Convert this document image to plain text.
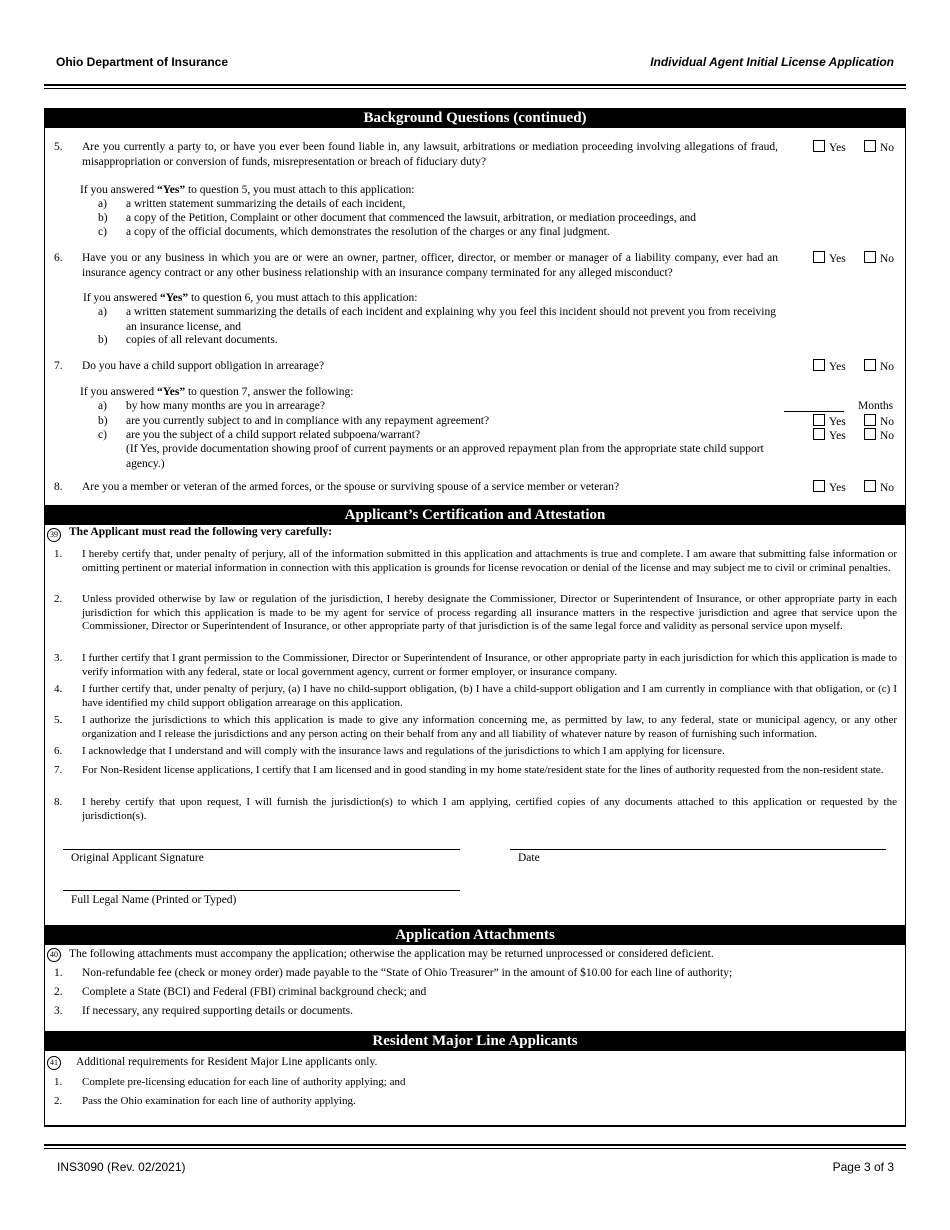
Ohio Department of Insurance	Individual Agent Initial License Application
Background Questions (continued)
5. Are you currently a party to, or have you ever been found liable in, any lawsuit, arbitrations or mediation proceeding involving allegations of fraud, misappropriation or conversion of funds, misrepresentation or breach of fiduciary duty?
Yes	No
If you answered “Yes” to question 5, you must attach to this application:
a) a written statement summarizing the details of each incident,
b) a copy of the Petition, Complaint or other document that commenced the lawsuit, arbitration, or mediation proceedings, and
c) a copy of the official documents, which demonstrates the resolution of the charges or any final judgment.
6. Have you or any business in which you are or were an owner, partner, officer, director, or member or manager of a liability company, ever had an insurance agency contract or any other business relationship with an insurance company terminated for any alleged misconduct?
Yes	No
If you answered “Yes” to question 6, you must attach to this application:
a) a written statement summarizing the details of each incident and explaining why you feel this incident should not prevent you from receiving an insurance license, and
b) copies of all relevant documents.
7. Do you have a child support obligation in arrearage?	Yes	No
If you answered “Yes” to question 7, answer the following:
a) by how many months are you in arrearage?	Months
b) are you currently subject to and in compliance with any repayment agreement?	Yes	No
c) are you the subject of a child support related subpoena/warrant?	Yes	No
(If Yes, provide documentation showing proof of current payments or an approved repayment plan from the appropriate state child support agency.)
8. Are you a member or veteran of the armed forces, or the spouse or surviving spouse of a service member or veteran?	Yes	No
Applicant’s Certification and Attestation
39 The Applicant must read the following very carefully:
1. I hereby certify that, under penalty of perjury, all of the information submitted in this application and attachments is true and complete. I am aware that submitting false information or omitting pertinent or material information in connection with this application is grounds for license revocation or denial of the license and may subject me to civil or criminal penalties.
2. Unless provided otherwise by law or regulation of the jurisdiction, I hereby designate the Commissioner, Director or Superintendent of Insurance, or other appropriate party in each jurisdiction for which this application is made to be my agent for service of process regarding all insurance matters in the respective jurisdiction and agree that service upon the Commissioner, Director or Superintendent of Insurance, or other appropriate party of that jurisdiction is of the same legal force and validity as personal service upon myself.
3. I further certify that I grant permission to the Commissioner, Director or Superintendent of Insurance, or other appropriate party in each jurisdiction for which this application is made to verify information with any federal, state or local government agency, current or former employer, or insurance company.
4. I further certify that, under penalty of perjury, (a) I have no child-support obligation, (b) I have a child-support obligation and I am currently in compliance with that obligation, or (c) I have identified my child support obligation arrearage on this application.
5. I authorize the jurisdictions to which this application is made to give any information concerning me, as permitted by law, to any federal, state or municipal agency, or any other organization and I release the jurisdictions and any person acting on their behalf from any and all liability of whatever nature by reason of furnishing such information.
6. I acknowledge that I understand and will comply with the insurance laws and regulations of the jurisdictions to which I am applying for licensure.
7. For Non-Resident license applications, I certify that I am licensed and in good standing in my home state/resident state for the lines of authority requested from the non-resident state.
8. I hereby certify that upon request, I will furnish the jurisdiction(s) to which I am applying, certified copies of any documents attached to this application or requested by the jurisdiction(s).
Original Applicant Signature	Date
Full Legal Name (Printed or Typed)
Application Attachments
40 The following attachments must accompany the application; otherwise the application may be returned unprocessed or considered deficient.
1. Non-refundable fee (check or money order) made payable to the “State of Ohio Treasurer” in the amount of $10.00 for each line of authority;
2. Complete a State (BCI) and Federal (FBI) criminal background check; and
3. If necessary, any required supporting details or documents.
Resident Major Line Applicants
41 Additional requirements for Resident Major Line applicants only.
1. Complete pre-licensing education for each line of authority applying; and
2. Pass the Ohio examination for each line of authority applying.
INS3090 (Rev. 02/2021)	Page 3 of 3
